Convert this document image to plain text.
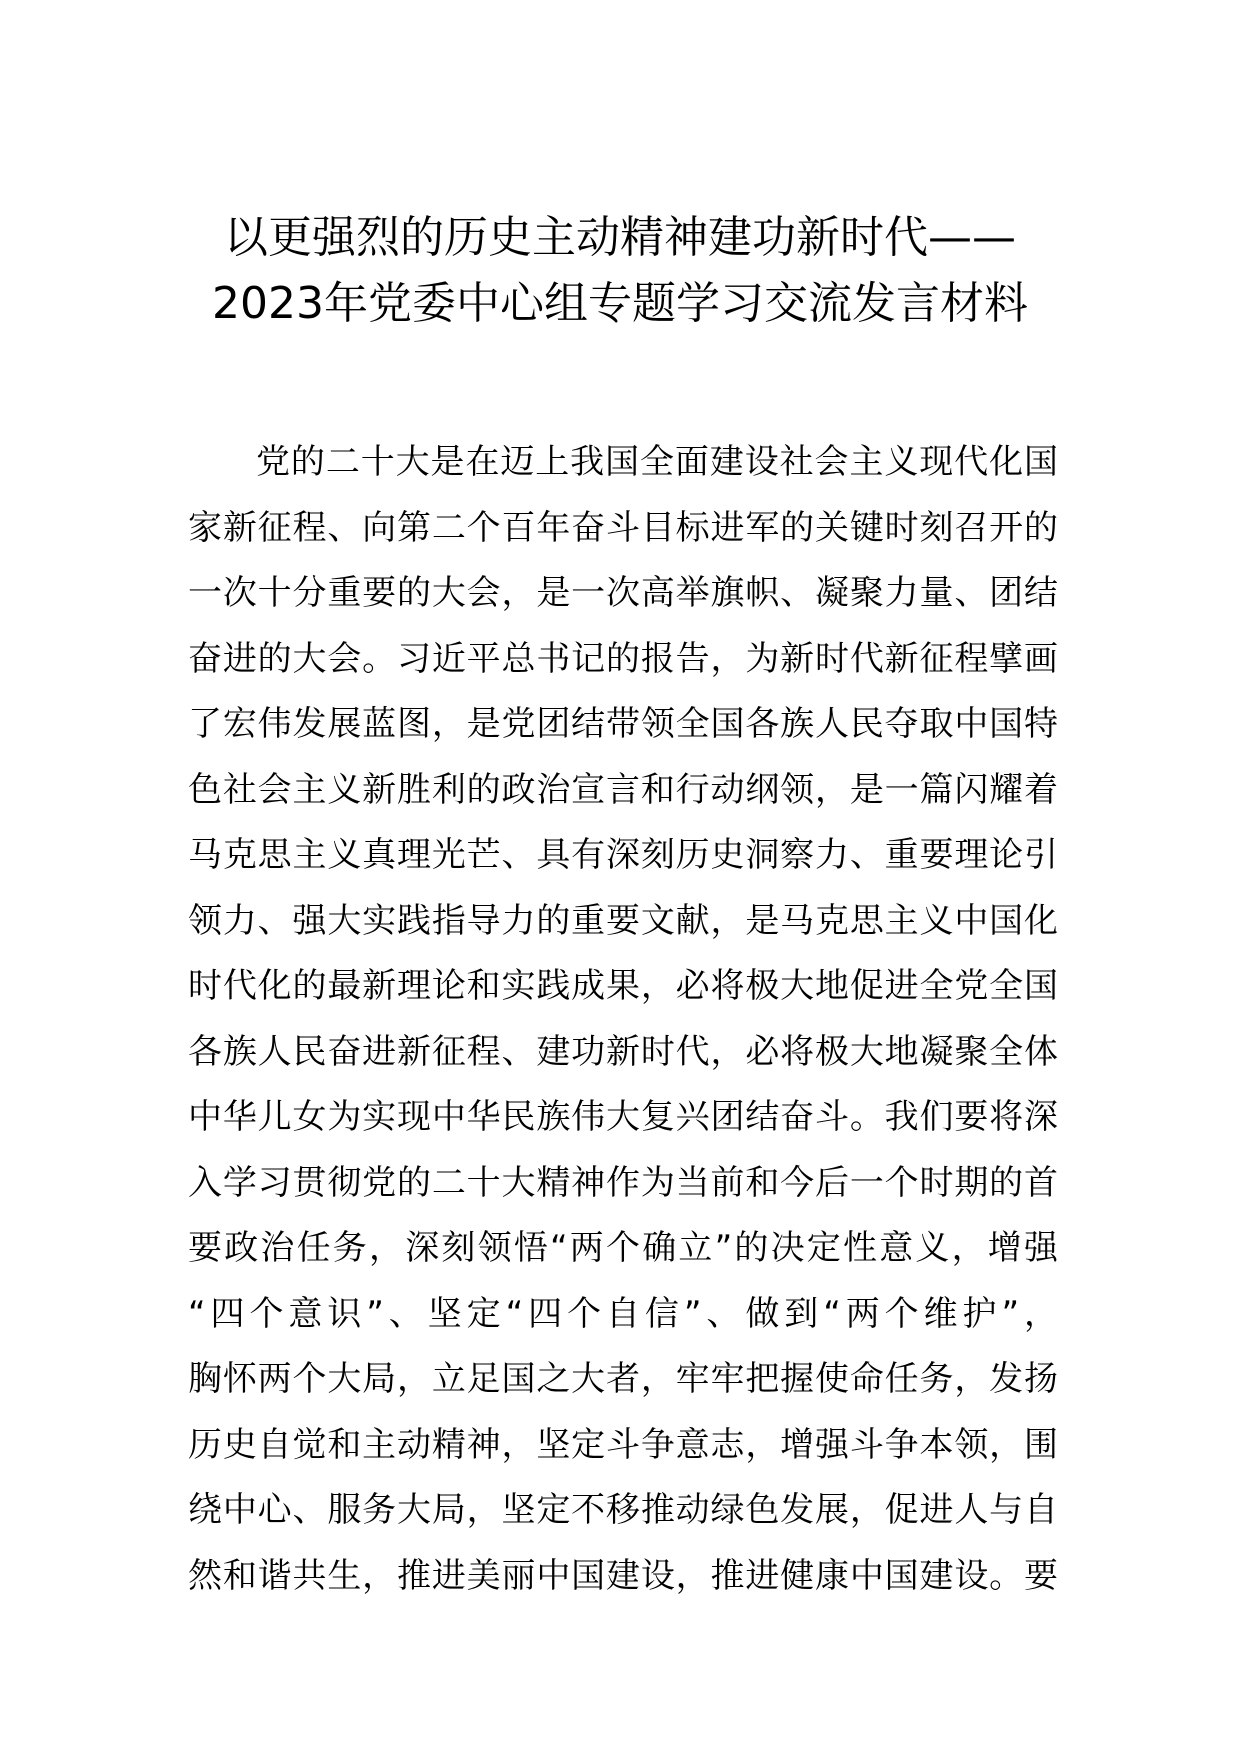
以更强烈的历史主动精神建功新时代——
2023年党委中心组专题学习交流发言材料
党的二十大是在迈上我国全面建设社会主义现代化国
家新征程、向第二个百年奋斗目标进军的关键时刻召开的
一次十分重要的大会，是一次高举旗帜、凝聚力量、团结
奋进的大会。习近平总书记的报告，为新时代新征程擘画
了宏伟发展蓝图，是党团结带领全国各族人民夺取中国特
色社会主义新胜利的政治宣言和行动纲领，是一篇闪耀着
马克思主义真理光芒、具有深刻历史洞察力、重要理论引
领力、强大实践指导力的重要文献，是马克思主义中国化
时代化的最新理论和实践成果，必将极大地促进全党全国
各族人民奋进新征程、建功新时代，必将极大地凝聚全体
中华儿女为实现中华民族伟大复兴团结奋斗。我们要将深
入学习贯彻党的二十大精神作为当前和今后一个时期的首
要政治任务，深刻领悟“两个确立”的决定性意义，增强
“四个意识”、坚定“四个自信”、做到“两个维护”，
胸怀两个大局，立足国之大者，牢牢把握使命任务，发扬
历史自觉和主动精神，坚定斗争意志，增强斗争本领，围
绕中心、服务大局，坚定不移推动绿色发展，促进人与自
然和谐共生，推进美丽中国建设，推进健康中国建设。要
